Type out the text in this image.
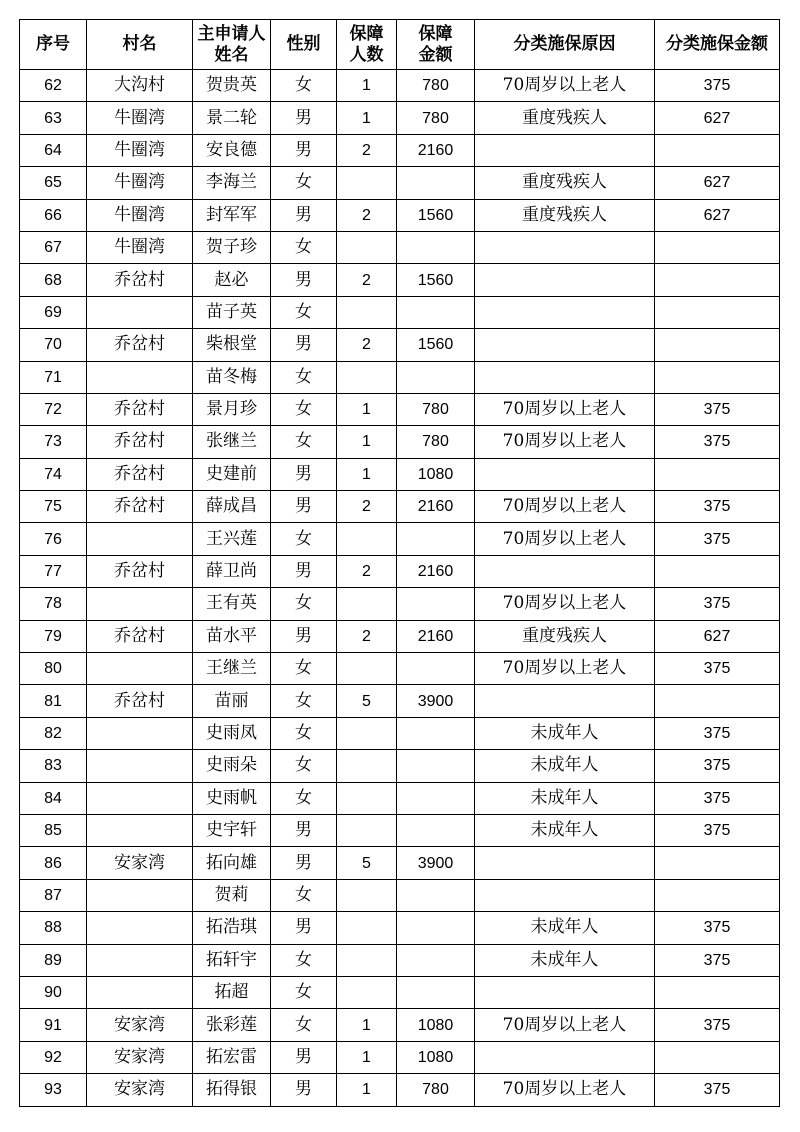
序号	村名	主申请人姓名	性别	保障人数	保障金额	分类施保原因	分类施保金额
62	大沟村	贺贵英	女	1	780	70周岁以上老人	375
63	牛圈湾	景二轮	男	1	780	重度残疾人	627
64	牛圈湾	安良德	男	2	2160		
65	牛圈湾	李海兰	女			重度残疾人	627
66	牛圈湾	封军军	男	2	1560	重度残疾人	627
67	牛圈湾	贺子珍	女				
68	乔岔村	赵必	男	2	1560		
69		苗子英	女				
70	乔岔村	柴根堂	男	2	1560		
71		苗冬梅	女				
72	乔岔村	景月珍	女	1	780	70周岁以上老人	375
73	乔岔村	张继兰	女	1	780	70周岁以上老人	375
74	乔岔村	史建前	男	1	1080		
75	乔岔村	薛成昌	男	2	2160	70周岁以上老人	375
76		王兴莲	女			70周岁以上老人	375
77	乔岔村	薛卫尚	男	2	2160		
78		王有英	女			70周岁以上老人	375
79	乔岔村	苗水平	男	2	2160	重度残疾人	627
80		王继兰	女			70周岁以上老人	375
81	乔岔村	苗丽	女	5	3900		
82		史雨凤	女			未成年人	375
83		史雨朵	女			未成年人	375
84		史雨帆	女			未成年人	375
85		史宇轩	男			未成年人	375
86	安家湾	拓向雄	男	5	3900		
87		贺莉	女				
88		拓浩琪	男			未成年人	375
89		拓轩宇	女			未成年人	375
90		拓超	女				
91	安家湾	张彩莲	女	1	1080	70周岁以上老人	375
92	安家湾	拓宏雷	男	1	1080		
93	安家湾	拓得银	男	1	780	70周岁以上老人	375
